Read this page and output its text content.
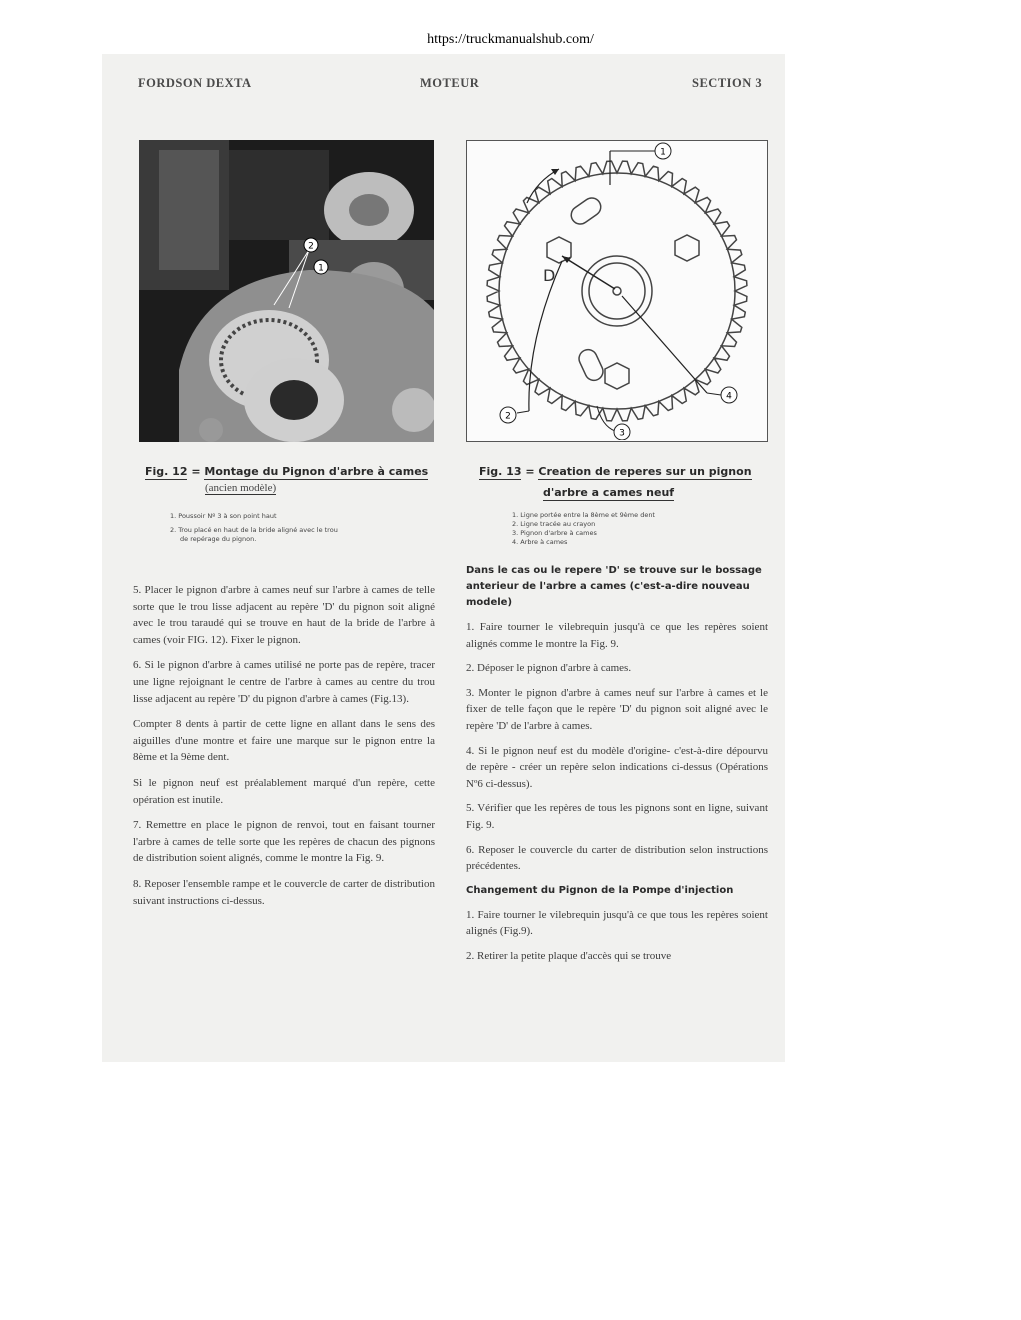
https://truckmanualshub.com/
FORDSON DEXTA	MOTEUR	SECTION 3
2
1	D
1
2
3
4
Fig. 12 = Montage du Pignon d'arbre à cames
(ancien modèle)
1. Poussoir Nº 3 à son point haut
2. Trou placé en haut de la bride aligné avec le trou
de repérage du pignon.
Fig. 13 = Creation de reperes sur un pignon
d'arbre a cames neuf
1. Ligne portée entre la 8ème et 9ème dent
2. Ligne tracée au crayon
3. Pignon d'arbre à cames
4. Arbre à cames

5. Placer le pignon d'arbre à cames neuf sur l'arbre à cames de telle sorte que le trou lisse adjacent au repère 'D' du pignon soit aligné avec le trou taraudé qui se trouve en haut de la bride de l'arbre à cames (voir FIG. 12). Fixer le pignon.

6. Si le pignon d'arbre à cames utilisé ne porte pas de repère, tracer une ligne rejoignant le centre de l'arbre à cames au centre du trou lisse adjacent au repère 'D' du pignon d'arbre à cames (Fig.13).

Compter 8 dents à partir de cette ligne en allant dans le sens des aiguilles d'une montre et faire une marque sur le pignon entre la 8ème et la 9ème dent.

Si le pignon neuf est préalablement marqué d'un repère, cette opération est inutile.

7. Remettre en place le pignon de renvoi, tout en faisant tourner l'arbre à cames de telle sorte que les repères de chacun des pignons de distribution soient alignés, comme le montre la Fig. 9.

8. Reposer l'ensemble rampe et le couvercle de carter de distribution suivant instructions ci-dessus.

Dans le cas ou le repere 'D' se trouve sur le bossage anterieur de l'arbre a cames (c'est-a-dire nouveau modele)

1. Faire tourner le vilebrequin jusqu'à ce que les repères soient alignés comme le montre la Fig. 9.

2. Déposer le pignon d'arbre à cames.

3. Monter le pignon d'arbre à cames neuf sur l'arbre à cames et le fixer de telle façon que le repère 'D' du pignon soit aligné avec le repère 'D' de l'arbre à cames.

4. Si le pignon neuf est du modèle d'origine- c'est-à-dire dépourvu de repère - créer un repère selon indications ci-dessus (Opérations Nº6 ci-dessus).

5. Vérifier que les repères de tous les pignons sont en ligne, suivant Fig. 9.

6. Reposer le couvercle du carter de distribution selon instructions précédentes.

Changement du Pignon de la Pompe d'injection

1. Faire tourner le vilebrequin jusqu'à ce que tous les repères soient alignés (Fig.9).

2. Retirer la petite plaque d'accès qui se trouve
